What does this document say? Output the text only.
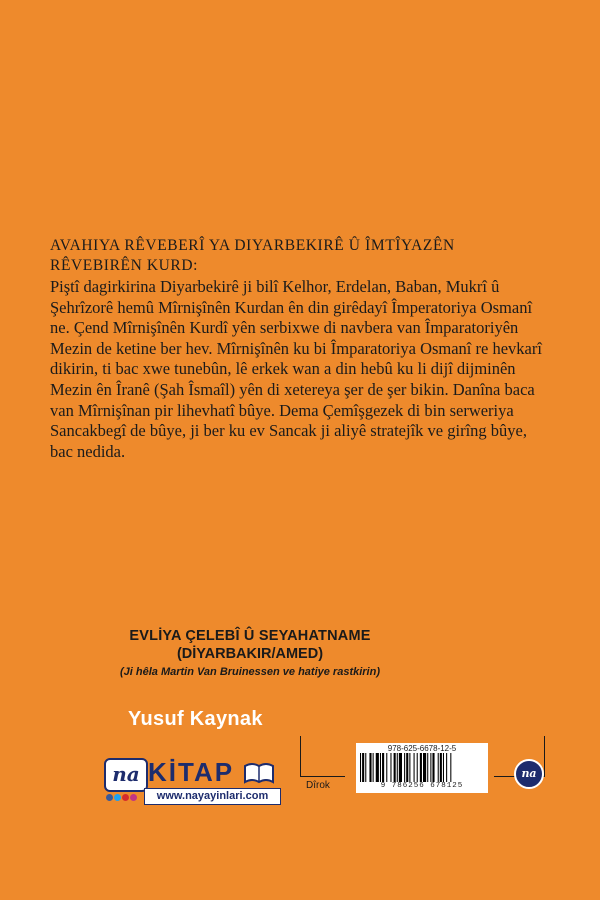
AVAHIYA RÊVEBERÎ YA DIYARBEKIRÊ Û ÎMTÎYAZÊN RÊVEBIRÊN KURD:
Piştî dagirkirina Diyarbekirê ji bilî Kelhor, Erdelan, Baban, Mukrî û Şehrîzorê hemû Mîrnişînên Kurdan ên din girêdayî Împeratoriya Osmanî ne. Çend Mîrnişînên Kurdî yên serbixwe di navbera van Împaratoriyên Mezin de ketine ber hev. Mîrnişînên ku bi Împaratoriya Osmanî re hevkarî dikirin, ti bac xwe tunebûn, lê erkek wan a din hebû ku li dijî dijminên Mezin ên Îranê (Şah Îsmaîl) yên di xetereya şer de şer bikin. Danîna baca van Mîrnişînan pir lihevhatî bûye. Dema Çemîşgezek di bin serweriya Sancakbegî de bûye, ji ber ku ev Sancak ji aliyê stratejîk ve girîng bûye, bac nedida.
EVLİYA ÇELEBÎ Û SEYAHATNAME
(DİYARBAKIR/AMED)
(Ji hêla Martin Van Bruinessen ve hatiye rastkirin)
Yusuf Kaynak
na KİTAP
www.nayayinlari.com
Dîrok
978-625-6678-12-5
9 786256 678125
na
